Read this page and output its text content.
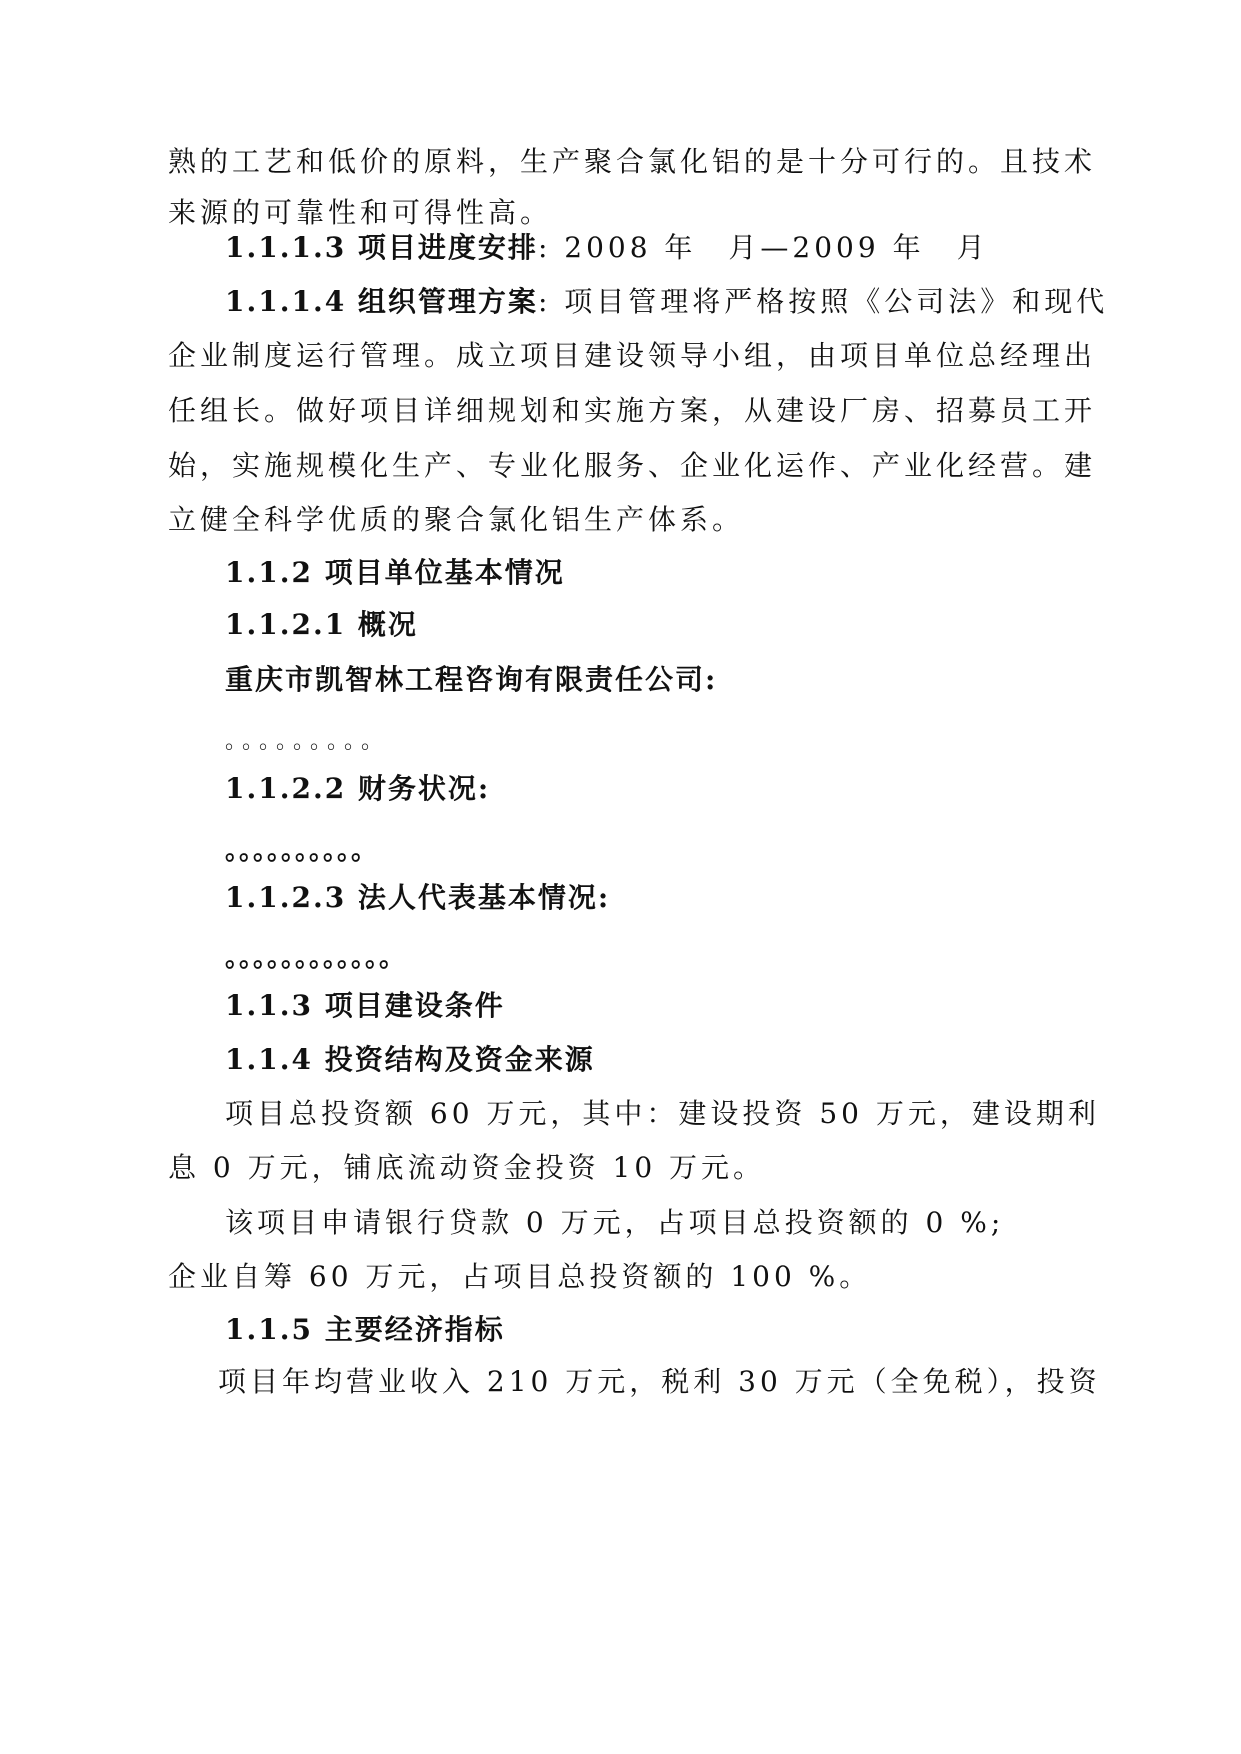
熟的工艺和低价的原料，生产聚合氯化铝的是十分可行的。且技术
来源的可靠性和可得性高。
1.1.1.3 项目进度安排: 2008 年　月—2009 年　月
1.1.1.4 组织管理方案: 项目管理将严格按照《公司法》和现代
企业制度运行管理。成立项目建设领导小组，由项目单位总经理出
任组长。做好项目详细规划和实施方案，从建设厂房、招募员工开
始，实施规模化生产、专业化服务、企业化运作、产业化经营。建
立健全科学优质的聚合氯化铝生产体系。
1.1.2 项目单位基本情况
1.1.2.1 概况
重庆市凯智林工程咨询有限责任公司:
。。。。。。。。。
1.1.2.2 财务状况:
。。。。。。。。。。
1.1.2.3 法人代表基本情况:
。。。。。。。。。。。。
1.1.3 项目建设条件
1.1.4 投资结构及资金来源
项目总投资额 60 万元，其中：建设投资 50 万元，建设期利
息 0 万元，铺底流动资金投资 10 万元。
该项目申请银行贷款 0 万元，占项目总投资额的 0 %;
企业自筹 60 万元，占项目总投资额的 100 %。
1.1.5 主要经济指标
项目年均营业收入 210 万元，税利 30 万元（全免税），投资
